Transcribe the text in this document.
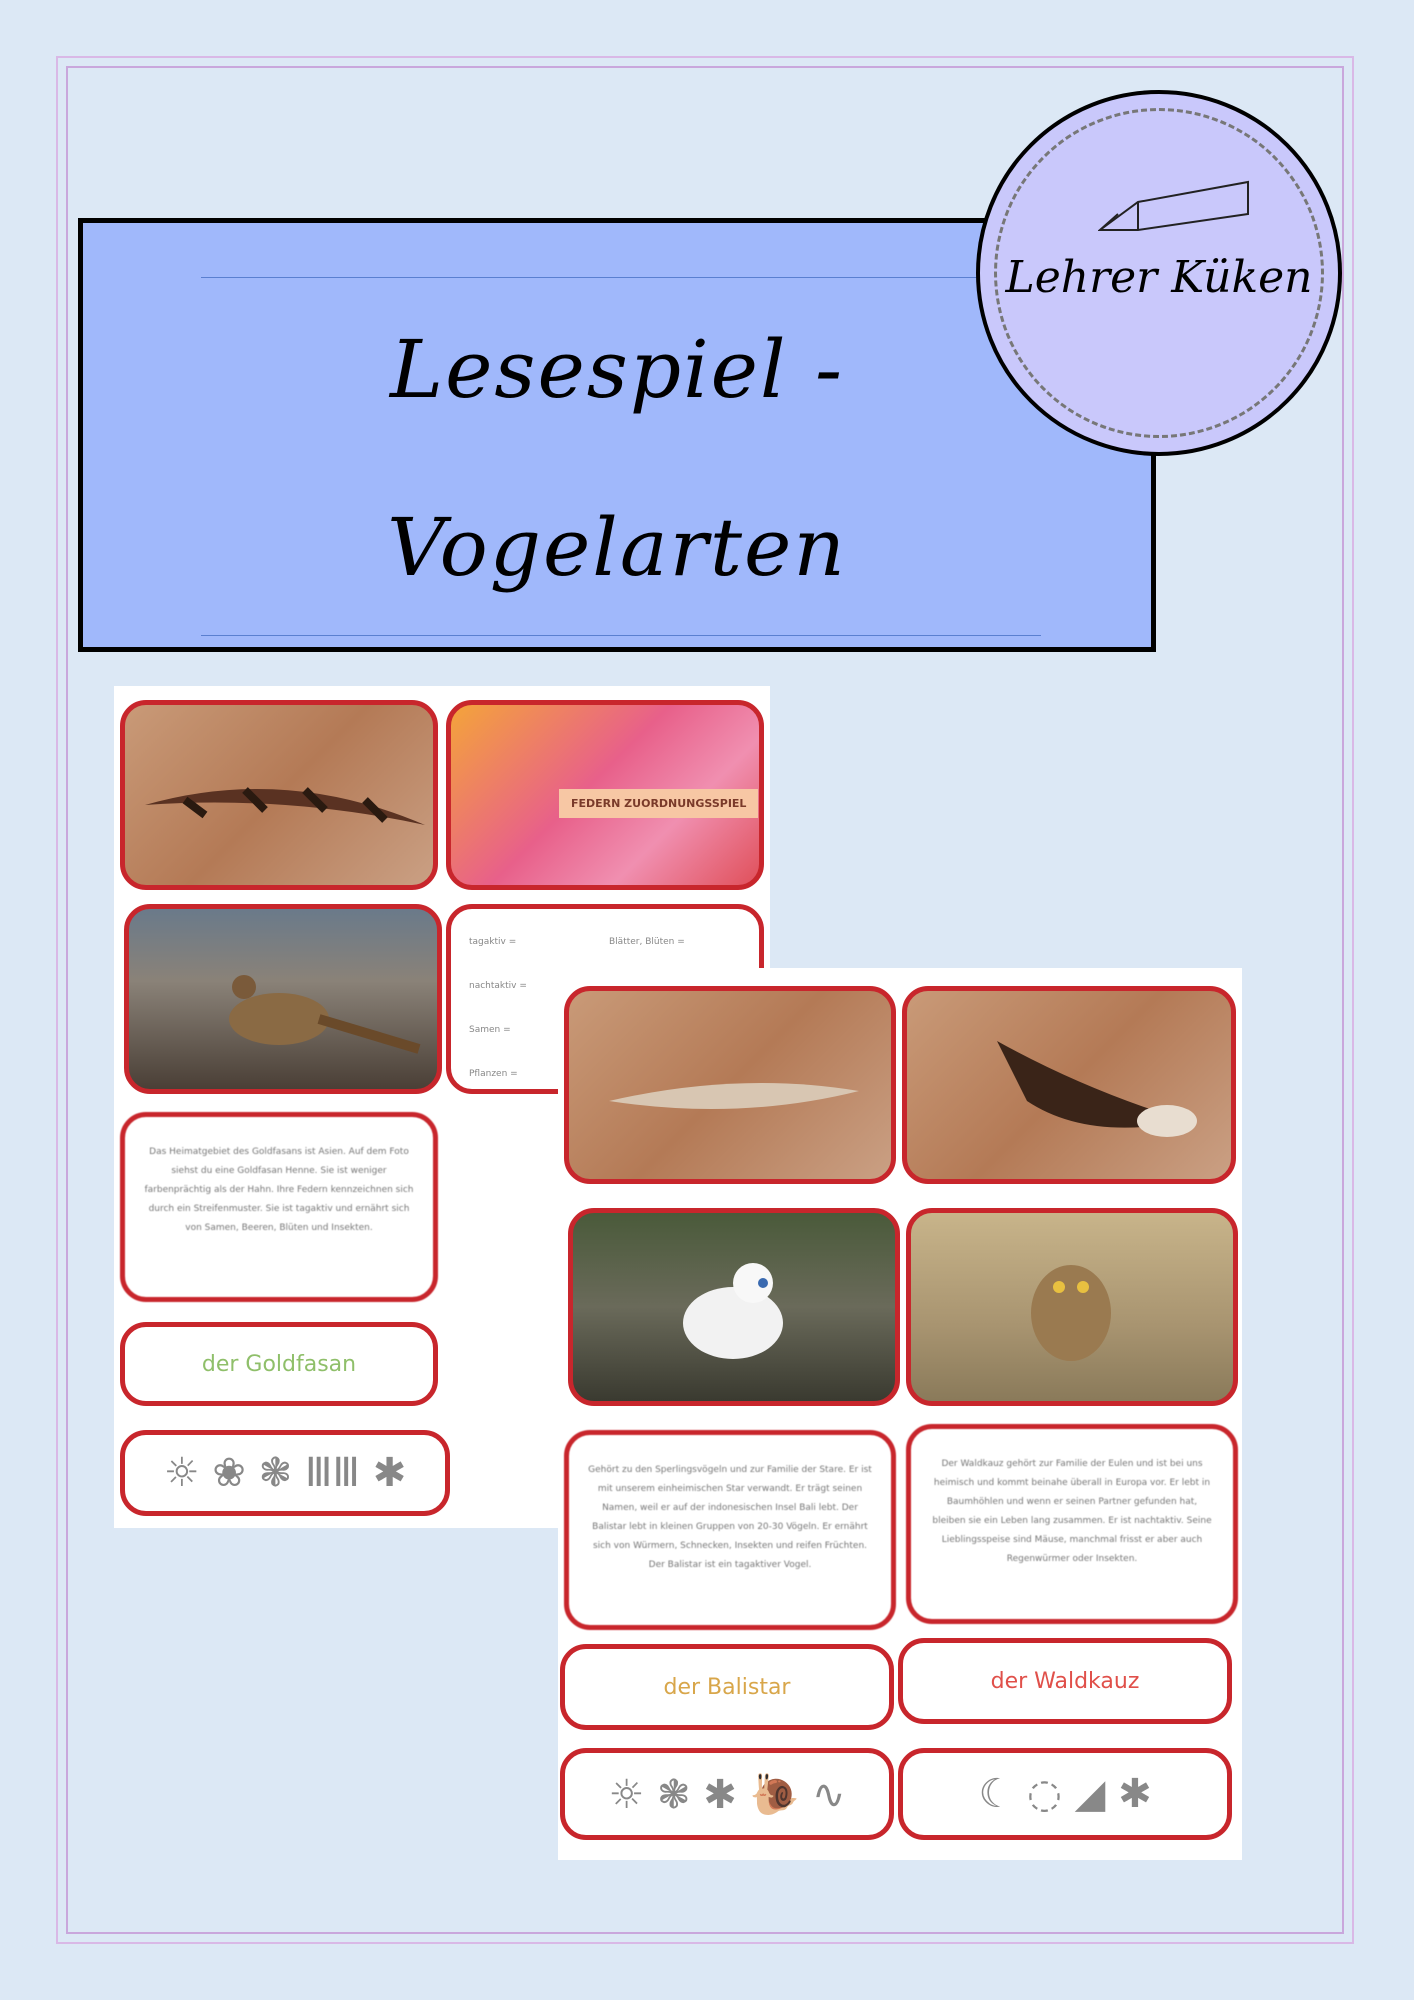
Lesespiel -
Vogelarten
Lehrer Küken
FEDERN ZUORDNUNGSSPIEL
tagaktiv =
nachtaktiv =
Samen =
Pflanzen =
Blätter, Blüten =
Das Heimatgebiet des Goldfasans ist Asien. Auf dem Foto siehst du eine Goldfasan Henne. Sie ist weniger farbenprächtig als der Hahn. Ihre Federn kennzeichnen sich durch ein Streifenmuster. Sie ist tagaktiv und ernährt sich von Samen, Beeren, Blüten und Insekten.
der Goldfasan
☼ ❀ ❃ ⅢⅢ ✱	Gehört zu den Sperlingsvögeln und zur Familie der Stare. Er ist mit unserem einheimischen Star verwandt. Er trägt seinen Namen, weil er auf der indonesischen Insel Bali lebt. Der Balistar lebt in kleinen Gruppen von 20-30 Vögeln. Er ernährt sich von Würmern, Schnecken, Insekten und reifen Früchten. Der Balistar ist ein tagaktiver Vogel.
Der Waldkauz gehört zur Familie der Eulen und ist bei uns heimisch und kommt beinahe überall in Europa vor. Er lebt in Baumhöhlen und wenn er seinen Partner gefunden hat, bleiben sie ein Leben lang zusammen. Er ist nachtaktiv. Seine Lieblingsspeise sind Mäuse, manchmal frisst er aber auch Regenwürmer oder Insekten.
der Balistar	der Waldkauz
☼ ❃ ✱ 🐌 ∿	☾ ◌ ◢ ✱
